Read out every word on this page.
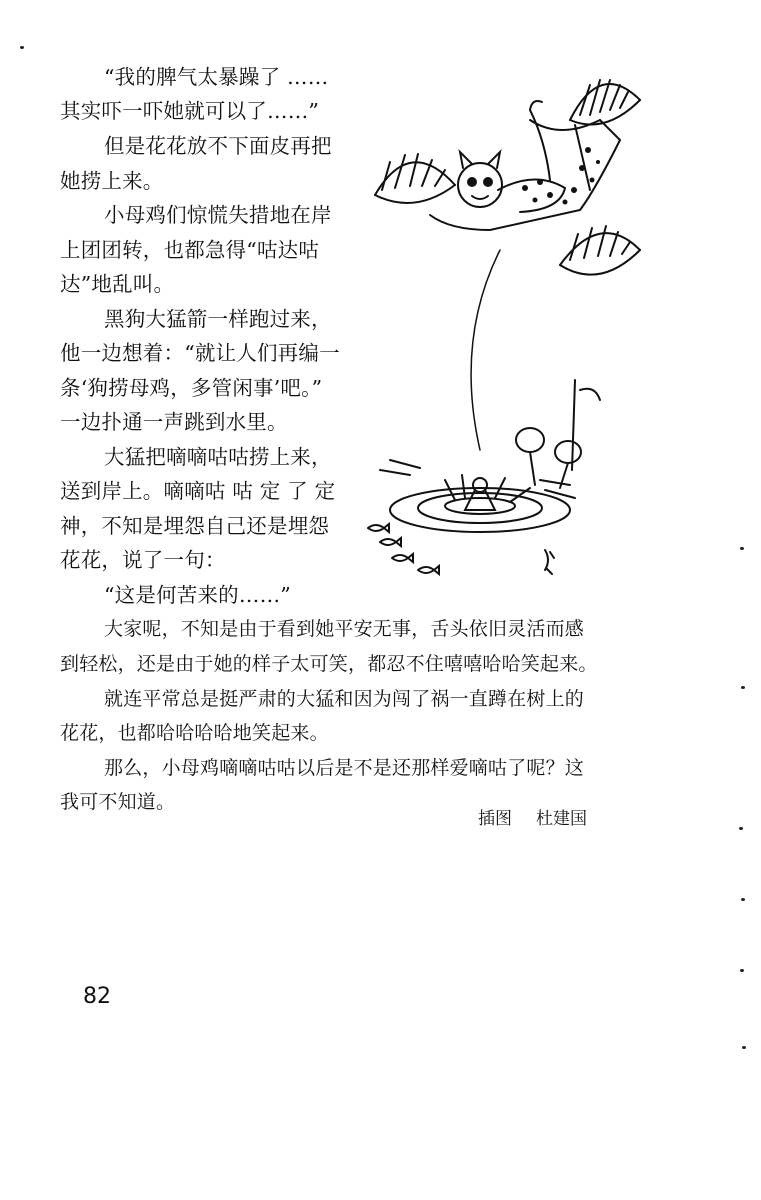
“我的脾气太暴躁了 ……
其实吓一吓她就可以了……”
但是花花放不下面皮再把
她捞上来。
小母鸡们惊慌失措地在岸
上团团转，也都急得“咕达咕
达”地乱叫。
黑狗大猛箭一样跑过来，
他一边想着：“就让人们再编一
条‘狗捞母鸡，多管闲事’吧。”
一边扑通一声跳到水里。
大猛把嘀嘀咕咕捞上来，
送到岸上。嘀嘀咕 咕 定 了 定
神，不知是埋怨自己还是埋怨
花花，说了一句：
“这是何苦来的……”
大家呢，不知是由于看到她平安无事，舌头依旧灵活而感
到轻松，还是由于她的样子太可笑，都忍不住嘻嘻哈哈笑起来。
就连平常总是挺严肃的大猛和因为闯了祸一直蹲在树上的
花花，也都哈哈哈哈地笑起来。
那么，小母鸡嘀嘀咕咕以后是不是还那样爱嘀咕了呢？这
我可不知道。
插图 杜建国
82
